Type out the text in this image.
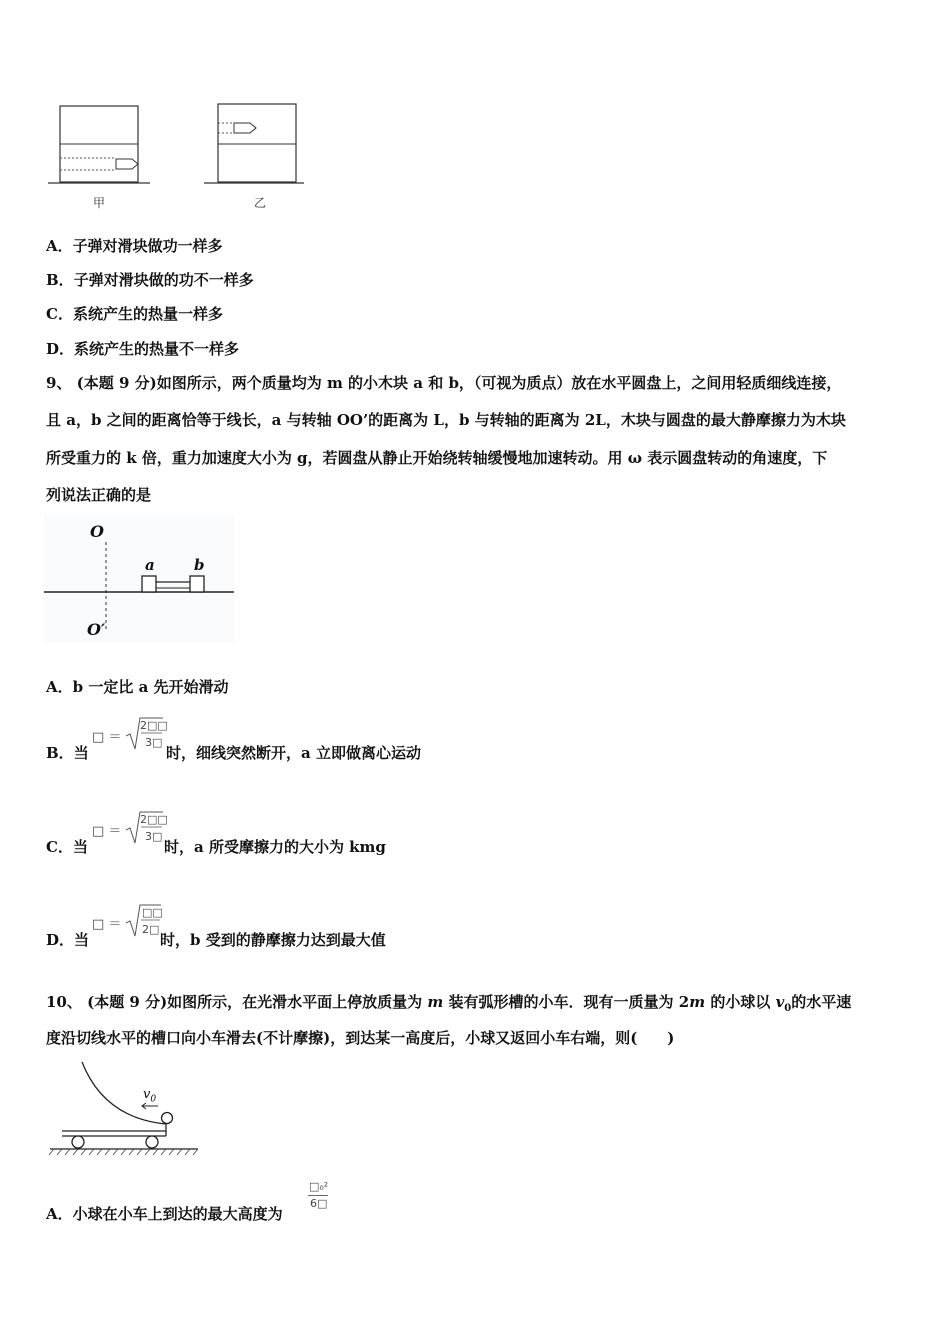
甲	乙
A．子弹对滑块做功一样多
B．子弹对滑块做的功不一样多
C．系统产生的热量一样多
D．系统产生的热量不一样多
9、 (本题 9 分)如图所示，两个质量均为 m 的小木块 a 和 b，（可视为质点）放在水平圆盘上，之间用轻质细线连接，
且 a，b 之间的距离恰等于线长，a 与转轴 OO’的距离为 L，b 与转轴的距离为 2L，木块与圆盘的最大静摩擦力为木块
所受重力的 k 倍，重力加速度大小为 g，若圆盘从静止开始绕转轴缓慢地加速转动。用 ω 表示圆盘转动的角速度，下
列说法正确的是
O
O′
a	b
A．b 一定比 a 先开始滑动
B．当
□ ＝
2□□
3□
时，细线突然断开，a 立即做离心运动
C．当
□ ＝
2□□
3□
时，a 所受摩擦力的大小为 kmg
D．当
□ ＝
□□
2□
时，b 受到的静摩擦力达到最大值
10、 (本题 9 分)如图所示，在光滑水平面上停放质量为 m 装有弧形槽的小车．现有一质量为 2m 的小球以 $v_0$的水平速
度沿切线水平的槽口向小车滑去(不计摩擦)，到达某一高度后，小球又返回小车右端，则(　　)
$v_0$
A．小球在小车上到达的最大高度为
□₀²
6□
